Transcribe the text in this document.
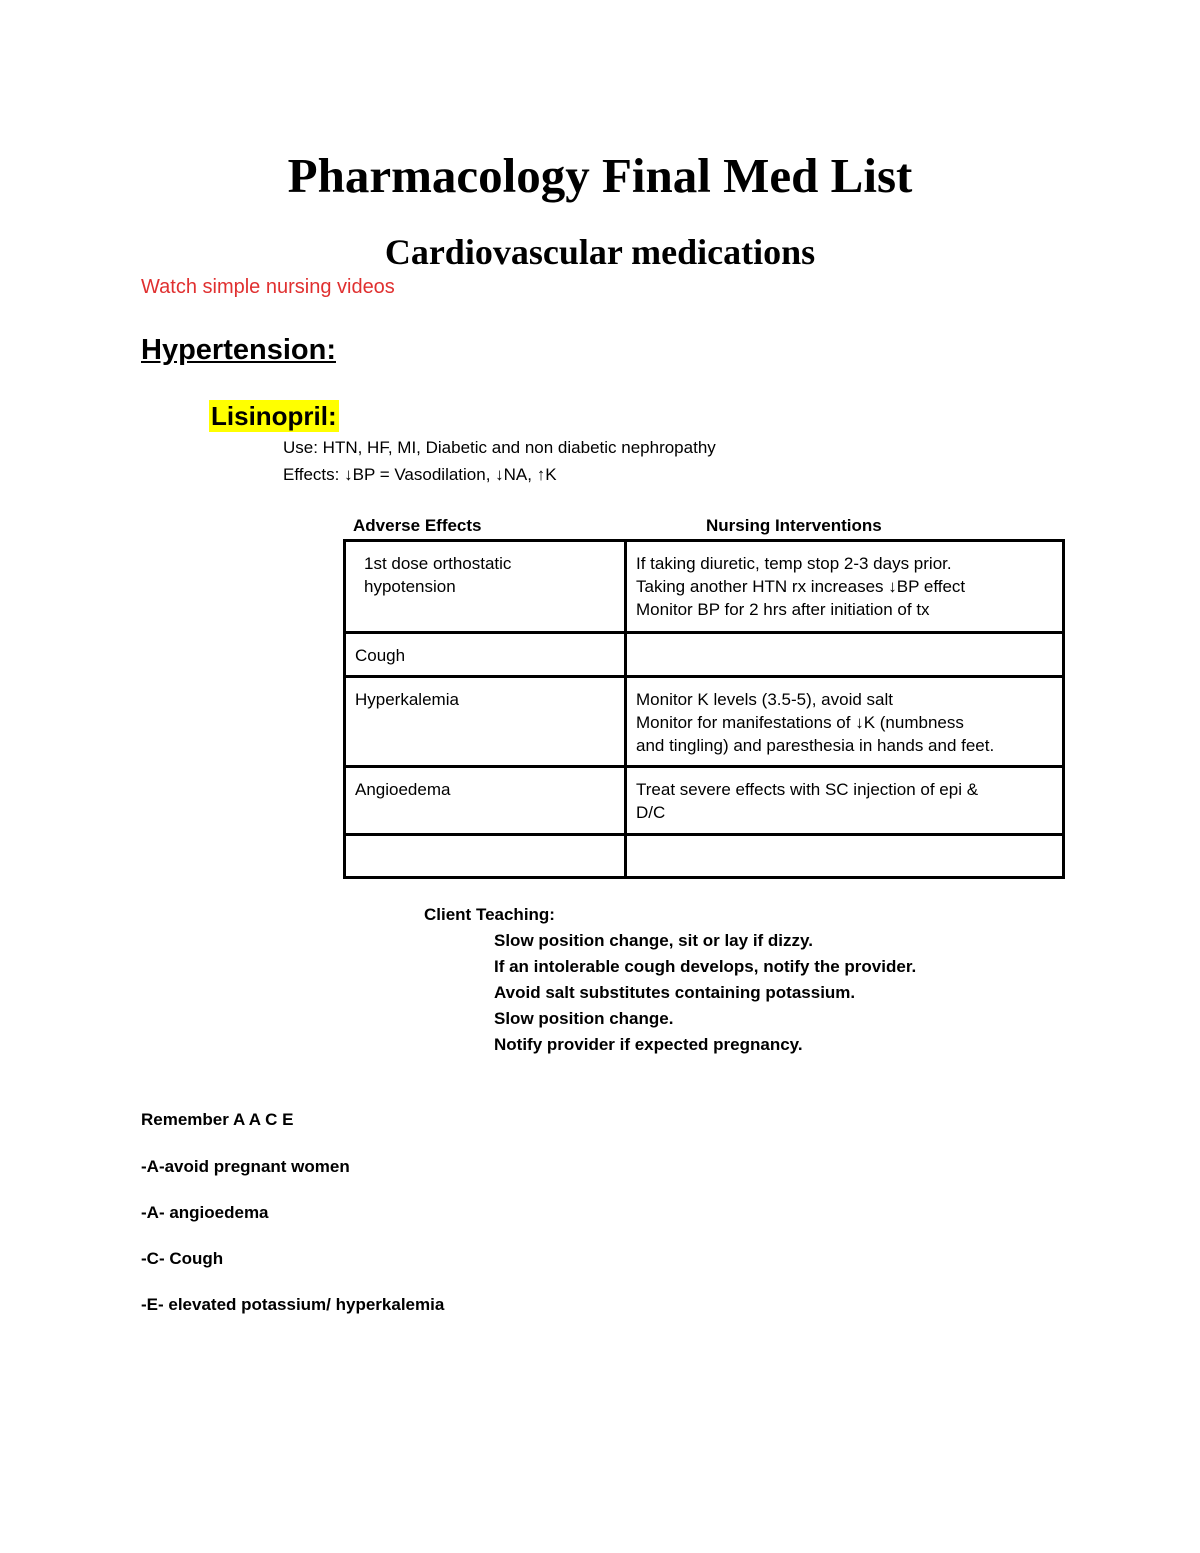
Pharmacology Final Med List
Cardiovascular medications
Watch simple nursing videos
Hypertension:
Lisinopril:
Use: HTN, HF, MI, Diabetic and non diabetic nephropathy
Effects: ↓BP = Vasodilation, ↓NA, ↑K
Adverse Effects	Nursing Interventions
1st dose orthostatic
hypotension	If taking diuretic, temp stop 2-3 days prior.
Taking another HTN rx increases ↓BP effect
Monitor BP for 2 hrs after initiation of tx

Cough	

Hyperkalemia	Monitor K levels (3.5-5), avoid salt
Monitor for manifestations of ↓K (numbness
and tingling) and paresthesia in hands and feet.

Angioedema	Treat severe effects with SC injection of epi &
D/C

Client Teaching:
Slow position change, sit or lay if dizzy.
If an intolerable cough develops, notify the provider.
Avoid salt substitutes containing potassium.
Slow position change.
Notify provider if expected pregnancy.
Remember A A C E
-A-avoid pregnant women
-A- angioedema
-C- Cough
-E- elevated potassium/ hyperkalemia
